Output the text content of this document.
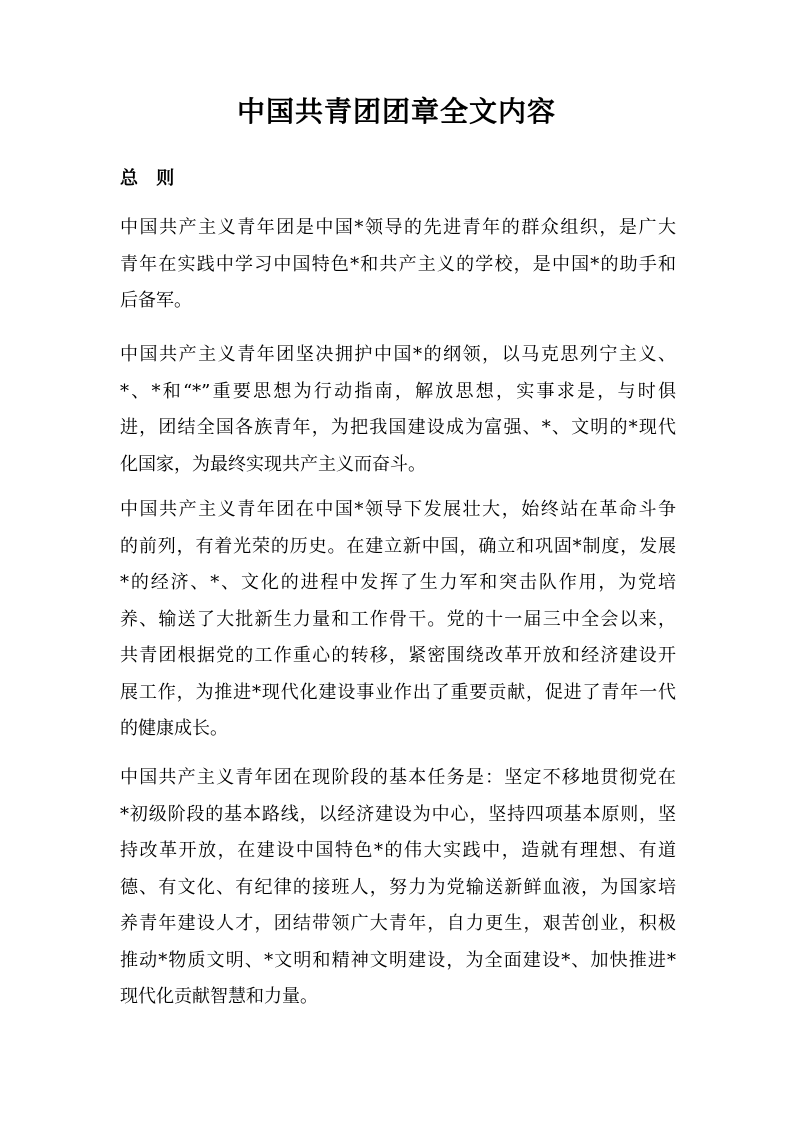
中国共青团团章全文内容
总 则

中国共产主义青年团是中国*领导的先进青年的群众组织，是广大
青年在实践中学习中国特色*和共产主义的学校，是中国*的助手和
后备军。

中国共产主义青年团坚决拥护中国*的纲领，以马克思列宁主义、
*、*和“*”重要思想为行动指南，解放思想，实事求是，与时俱
进，团结全国各族青年，为把我国建设成为富强、*、文明的*现代
化国家，为最终实现共产主义而奋斗。

中国共产主义青年团在中国*领导下发展壮大，始终站在革命斗争
的前列，有着光荣的历史。在建立新中国，确立和巩固*制度，发展
*的经济、*、文化的进程中发挥了生力军和突击队作用，为党培
养、输送了大批新生力量和工作骨干。党的十一届三中全会以来，
共青团根据党的工作重心的转移，紧密围绕改革开放和经济建设开
展工作，为推进*现代化建设事业作出了重要贡献，促进了青年一代
的健康成长。

中国共产主义青年团在现阶段的基本任务是：坚定不移地贯彻党在
*初级阶段的基本路线，以经济建设为中心，坚持四项基本原则，坚
持改革开放，在建设中国特色*的伟大实践中，造就有理想、有道
德、有文化、有纪律的接班人，努力为党输送新鲜血液，为国家培
养青年建设人才，团结带领广大青年，自力更生，艰苦创业，积极
推动*物质文明、*文明和精神文明建设，为全面建设*、加快推进*
现代化贡献智慧和力量。
